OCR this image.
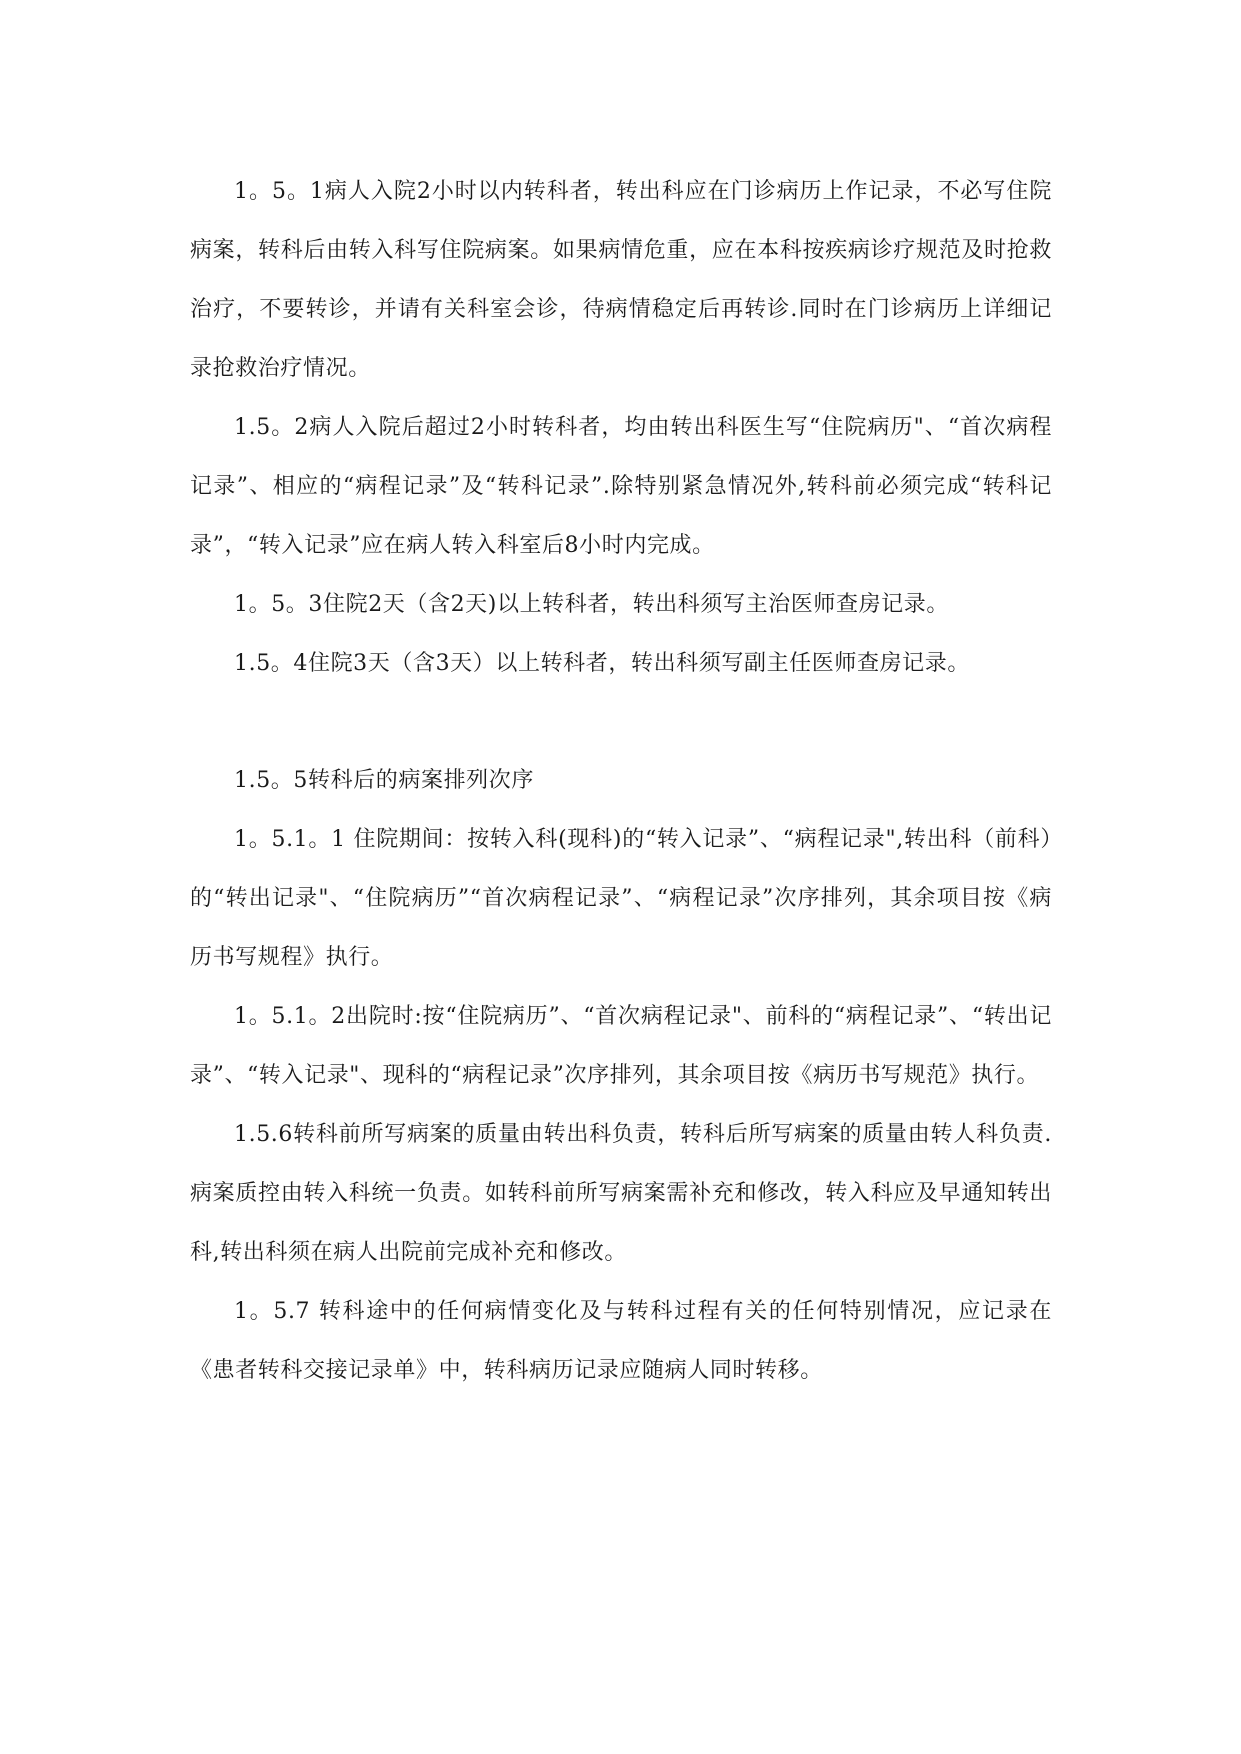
1。5。1病人入院2小时以内转科者，转出科应在门诊病历上作记录，不必写住院病案，转科后由转入科写住院病案。如果病情危重，应在本科按疾病诊疗规范及时抢救治疗，不要转诊，并请有关科室会诊，待病情稳定后再转诊.同时在门诊病历上详细记录抢救治疗情况。

1.5。2病人入院后超过2小时转科者，均由转出科医生写“住院病历"、“首次病程记录”、相应的“病程记录”及“转科记录”.除特别紧急情况外,转科前必须完成“转科记录”，“转入记录”应在病人转入科室后8小时内完成。

1。5。3住院2天（含2天)以上转科者，转出科须写主治医师查房记录。

1.5。4住院3天（含3天）以上转科者，转出科须写副主任医师查房记录。

1.5。5转科后的病案排列次序

1。5.1。1 住院期间：按转入科(现科)的“转入记录”、“病程记录",转出科（前科）的“转出记录"、“住院病历”“首次病程记录”、“病程记录”次序排列，其余项目按《病历书写规程》执行。

1。5.1。2出院时:按“住院病历”、“首次病程记录"、前科的“病程记录”、“转出记录”、“转入记录"、现科的“病程记录”次序排列，其余项目按《病历书写规范》执行。

1.5.6转科前所写病案的质量由转出科负责，转科后所写病案的质量由转人科负责.病案质控由转入科统一负责。如转科前所写病案需补充和修改，转入科应及早通知转出科,转出科须在病人出院前完成补充和修改。

1。5.7 转科途中的任何病情变化及与转科过程有关的任何特别情况，应记录在《患者转科交接记录单》中，转科病历记录应随病人同时转移。
